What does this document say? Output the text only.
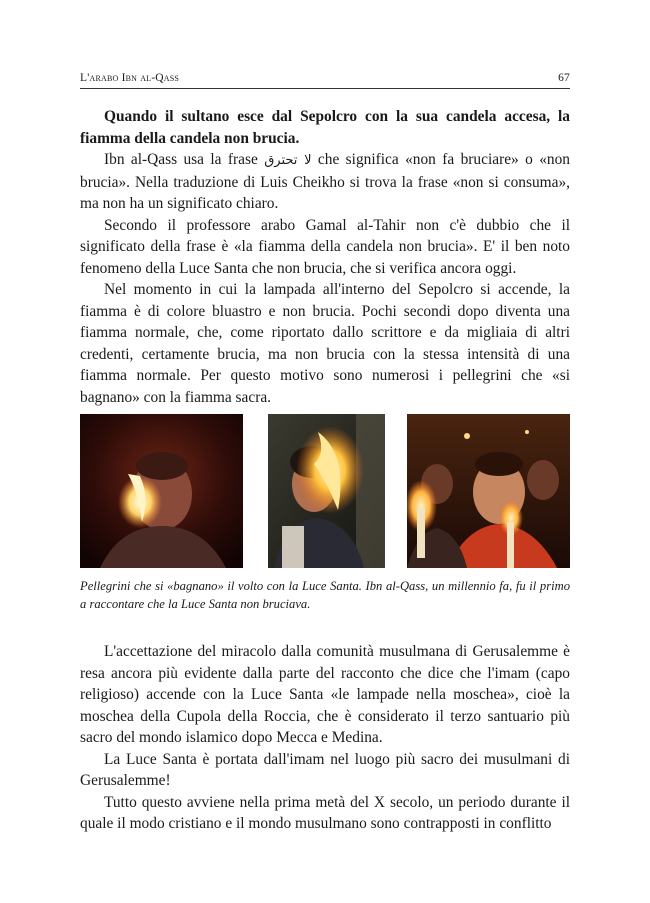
L'arabo Ibn al-Qass	67

Quando il sultano esce dal Sepolcro con la sua candela accesa, la fiamma della candela non brucia.

Ibn al-Qass usa la frase لا تحترق che significa «non fa bruciare» o «non brucia». Nella traduzione di Luis Cheikho si trova la frase «non si consuma», ma non ha un significato chiaro.

Secondo il professore arabo Gamal al-Tahir non c'è dubbio che il significato della frase è «la fiamma della candela non brucia». E' il ben noto fenomeno della Luce Santa che non brucia, che si verifica ancora oggi.

Nel momento in cui la lampada all'interno del Sepolcro si accende, la fiamma è di colore bluastro e non brucia. Pochi secondi dopo diventa una fiamma normale, che, come riportato dallo scrittore e da migliaia di altri credenti, certamente brucia, ma non brucia con la stessa intensità di una fiamma normale. Per questo motivo sono numerosi i pellegrini che «si bagnano» con la fiamma sacra.

Pellegrini che si «bagnano» il volto con la Luce Santa. Ibn al-Qass, un millennio fa, fu il primo a raccontare che la Luce Santa non bruciava.

L'accettazione del miracolo dalla comunità musulmana di Gerusalemme è resa ancora più evidente dalla parte del racconto che dice che l'imam (capo religioso) accende con la Luce Santa «le lampade nella moschea», cioè la moschea della Cupola della Roccia, che è considerato il terzo santuario più sacro del mondo islamico dopo Mecca e Medina.

La Luce Santa è portata dall'imam nel luogo più sacro dei musulmani di Gerusalemme!

Tutto questo avviene nella prima metà del X secolo, un periodo durante il quale il modo cristiano e il mondo musulmano sono contrapposti in conflitto
